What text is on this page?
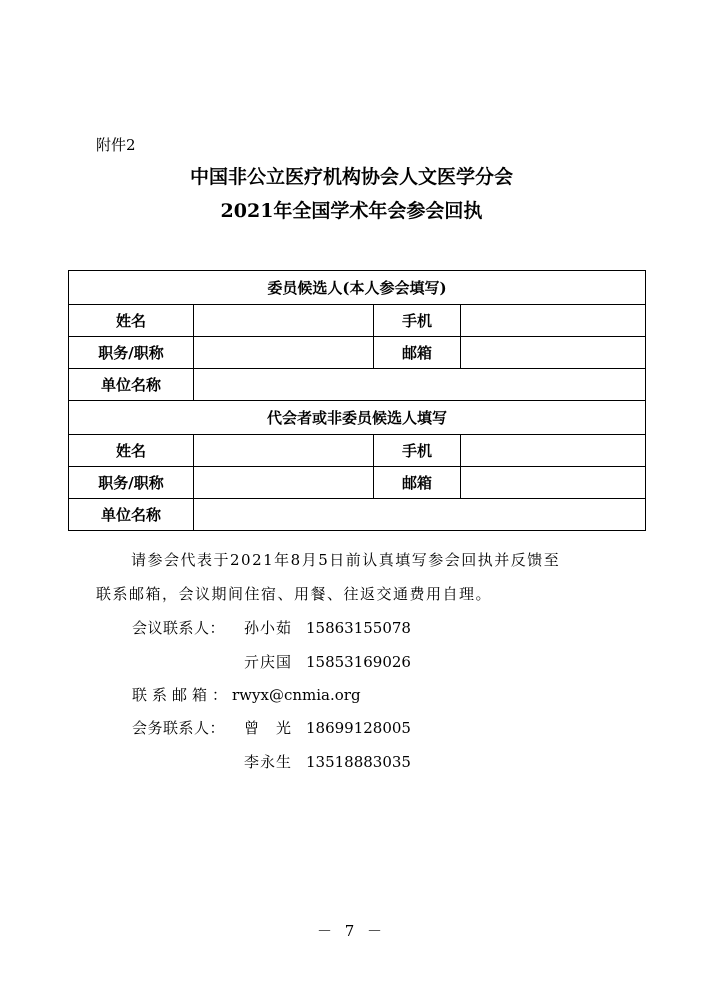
附件2
中国非公立医疗机构协会人文医学分会
2021年全国学术年会参会回执
委员候选人(本人参会填写)			
姓名		手机	
职务/职称		邮箱	
单位名称			
代会者或非委员候选人填写			
姓名		手机	
职务/职称		邮箱	
单位名称			
请参会代表于2021年8月5日前认真填写参会回执并反馈至
联系邮箱，会议期间住宿、用餐、往返交通费用自理。
会议联系人： 孙小茹 15863155078
亓庆国 15853169026
联系邮箱：rwyx@cnmia.org
会务联系人： 曾　光 18699128005
李永生 13518883035
－ 7 －
